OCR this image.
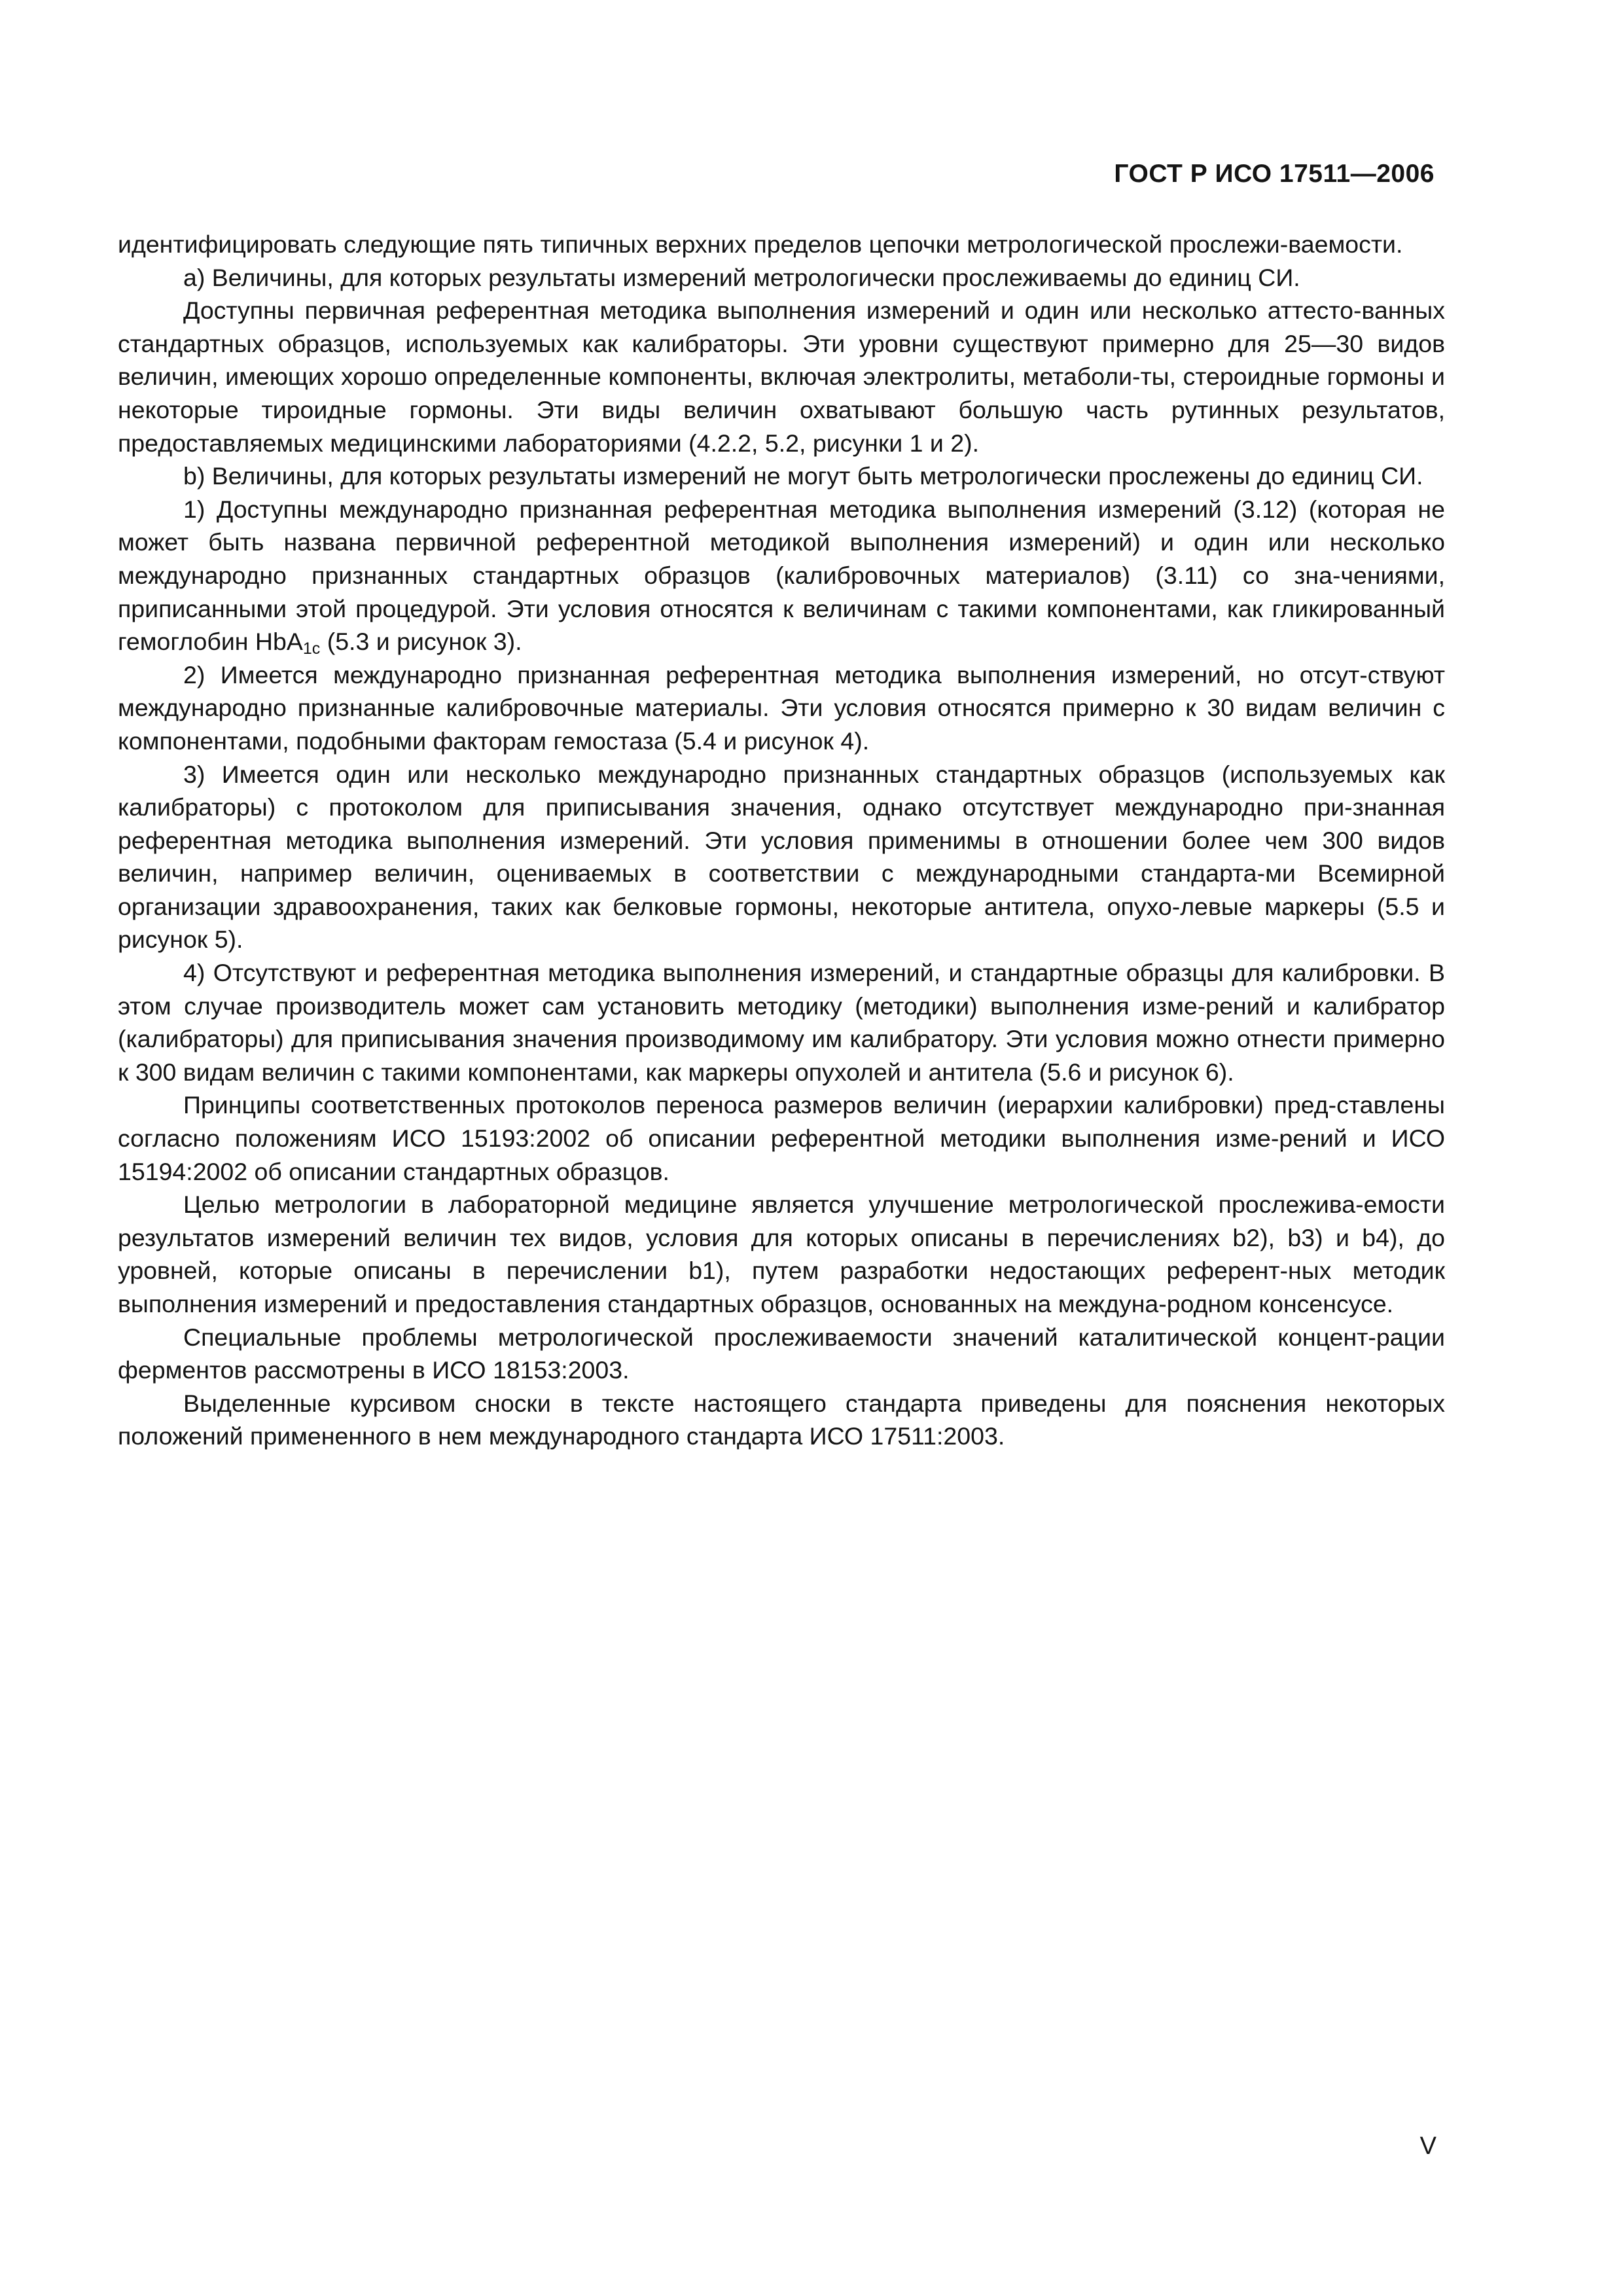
ГОСТ Р ИСО 17511—2006

идентифицировать следующие пять типичных верхних пределов цепочки метрологической прослежи-ваемости.

a) Величины, для которых результаты измерений метрологически прослеживаемы до единиц СИ.

Доступны первичная референтная методика выполнения измерений и один или несколько аттесто-ванных стандартных образцов, используемых как калибраторы. Эти уровни существуют примерно для 25—30 видов величин, имеющих хорошо определенные компоненты, включая электролиты, метаболи-ты, стероидные гормоны и некоторые тироидные гормоны. Эти виды величин охватывают большую часть рутинных результатов, предоставляемых медицинскими лабораториями (4.2.2, 5.2, рисунки 1 и 2).

b) Величины, для которых результаты измерений не могут быть метрологически прослежены до единиц СИ.

1) Доступны международно признанная референтная методика выполнения измерений (3.12) (которая не может быть названа первичной референтной методикой выполнения измерений) и один или несколько международно признанных стандартных образцов (калибровочных материалов) (3.11) со зна-чениями, приписанными этой процедурой. Эти условия относятся к величинам с такими компонентами, как гликированный гемоглобин HbA$_{1c}$ (5.3 и рисунок 3).

2) Имеется международно признанная референтная методика выполнения измерений, но отсут-ствуют международно признанные калибровочные материалы. Эти условия относятся примерно к 30 видам величин с компонентами, подобными факторам гемостаза (5.4 и рисунок 4).

3) Имеется один или несколько международно признанных стандартных образцов (используемых как калибраторы) с протоколом для приписывания значения, однако отсутствует международно при-знанная референтная методика выполнения измерений. Эти условия применимы в отношении более чем 300 видов величин, например величин, оцениваемых в соответствии с международными стандарта-ми Всемирной организации здравоохранения, таких как белковые гормоны, некоторые антитела, опухо-левые маркеры (5.5 и рисунок 5).

4) Отсутствуют и референтная методика выполнения измерений, и стандартные образцы для калибровки. В этом случае производитель может сам установить методику (методики) выполнения изме-рений и калибратор (калибраторы) для приписывания значения производимому им калибратору. Эти условия можно отнести примерно к 300 видам величин с такими компонентами, как маркеры опухолей и антитела (5.6 и рисунок 6).

Принципы соответственных протоколов переноса размеров величин (иерархии калибровки) пред-ставлены согласно положениям ИСО 15193:2002 об описании референтной методики выполнения изме-рений и ИСО 15194:2002 об описании стандартных образцов.

Целью метрологии в лабораторной медицине является улучшение метрологической прослежива-емости результатов измерений величин тех видов, условия для которых описаны в перечислениях b2), b3) и b4), до уровней, которые описаны в перечислении b1), путем разработки недостающих референт-ных методик выполнения измерений и предоставления стандартных образцов, основанных на междуна-родном консенсусе.

Специальные проблемы метрологической прослеживаемости значений каталитической концент-рации ферментов рассмотрены в ИСО 18153:2003.

Выделенные курсивом сноски в тексте настоящего стандарта приведены для пояснения некоторых положений примененного в нем международного стандарта ИСО 17511:2003.

V
